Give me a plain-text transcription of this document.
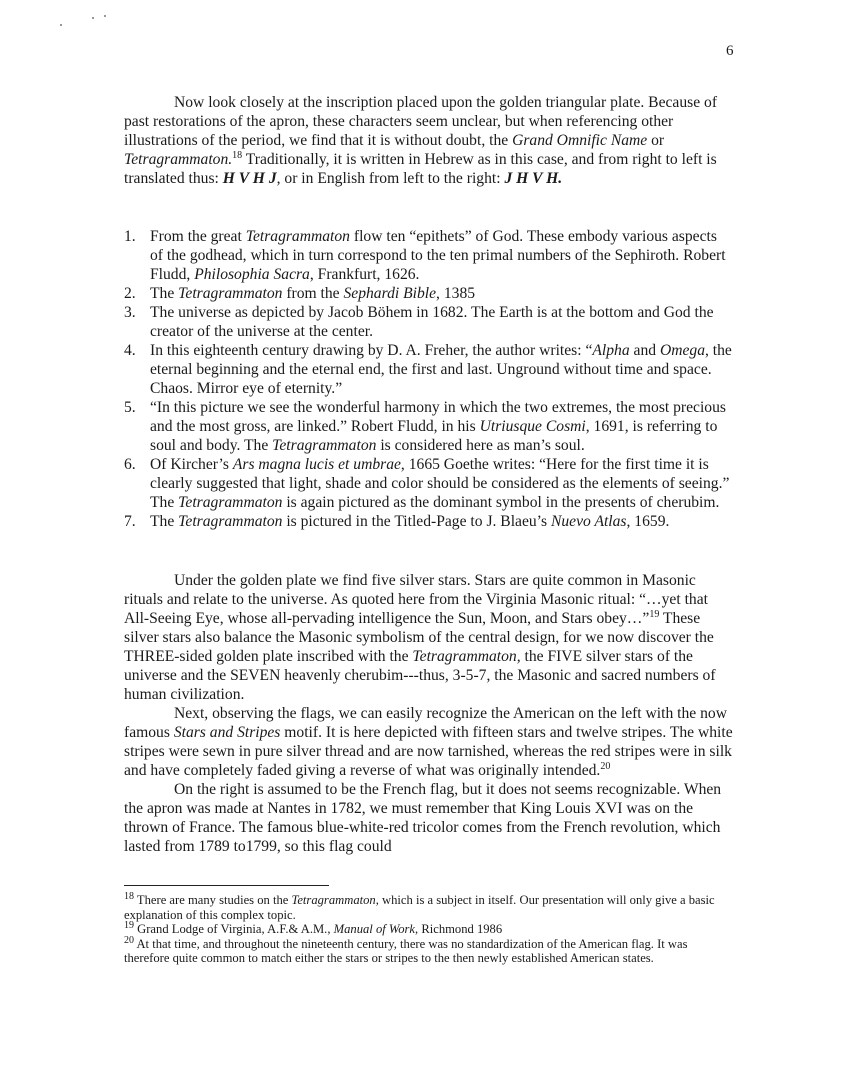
6

Now look closely at the inscription placed upon the golden triangular plate. Because of past restorations of the apron, these characters seem unclear, but when referencing other illustrations of the period, we find that it is without doubt, the Grand Omnific Name or Tetragrammaton.$^{18}$ Traditionally, it is written in Hebrew as in this case, and from right to left is translated thus: H V H J, or in English from left to the right: J H V H.

1. From the great Tetragrammaton flow ten “epithets” of God. These embody various aspects of the godhead, which in turn correspond to the ten primal numbers of the Sephiroth. Robert Fludd, Philosophia Sacra, Frankfurt, 1626.
2. The Tetragrammaton from the Sephardi Bible, 1385
3. The universe as depicted by Jacob Böhem in 1682. The Earth is at the bottom and God the creator of the universe at the center.
4. In this eighteenth century drawing by D. A. Freher, the author writes: “Alpha and Omega, the eternal beginning and the eternal end, the first and last. Unground without time and space. Chaos. Mirror eye of eternity.”
5. “In this picture we see the wonderful harmony in which the two extremes, the most precious and the most gross, are linked.” Robert Fludd, in his Utriusque Cosmi, 1691, is referring to soul and body. The Tetragrammaton is considered here as man’s soul.
6. Of Kircher’s Ars magna lucis et umbrae, 1665 Goethe writes: “Here for the first time it is clearly suggested that light, shade and color should be considered as the elements of seeing.” The Tetragrammaton is again pictured as the dominant symbol in the presents of cherubim.
7. The Tetragrammaton is pictured in the Titled-Page to J. Blaeu’s Nuevo Atlas, 1659.

Under the golden plate we find five silver stars. Stars are quite common in Masonic rituals and relate to the universe. As quoted here from the Virginia Masonic ritual: “…yet that All-Seeing Eye, whose all-pervading intelligence the Sun, Moon, and Stars obey…”$^{19}$ These silver stars also balance the Masonic symbolism of the central design, for we now discover the THREE-sided golden plate inscribed with the Tetragrammaton, the FIVE silver stars of the universe and the SEVEN heavenly cherubim---thus, 3-5-7, the Masonic and sacred numbers of human civilization.

Next, observing the flags, we can easily recognize the American on the left with the now famous Stars and Stripes motif. It is here depicted with fifteen stars and twelve stripes. The white stripes were sewn in pure silver thread and are now tarnished, whereas the red stripes were in silk and have completely faded giving a reverse of what was originally intended.$^{20}$

On the right is assumed to be the French flag, but it does not seems recognizable. When the apron was made at Nantes in 1782, we must remember that King Louis XVI was on the thrown of France. The famous blue-white-red tricolor comes from the French revolution, which lasted from 1789 to1799, so this flag could

$^{18}$ There are many studies on the Tetragrammaton, which is a subject in itself. Our presentation will only give a basic explanation of this complex topic.

$^{19}$ Grand Lodge of Virginia, A.F.& A.M., Manual of Work, Richmond 1986

$^{20}$ At that time, and throughout the nineteenth century, there was no standardization of the American flag. It was therefore quite common to match either the stars or stripes to the then newly established American states.
